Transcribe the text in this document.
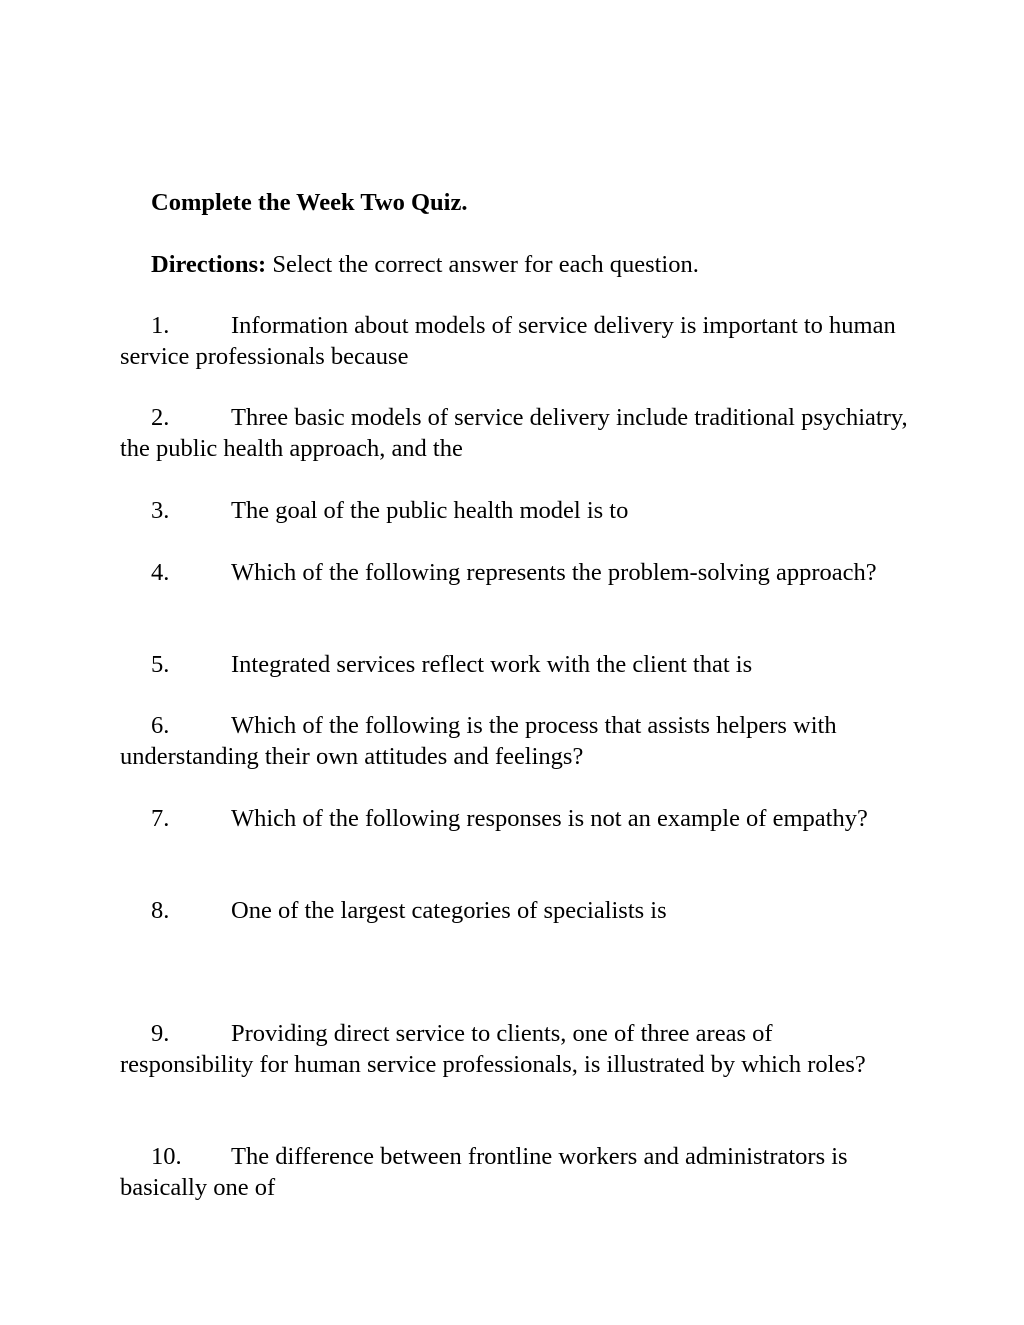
Complete the Week Two Quiz.
Directions: Select the correct answer for each question.
1.	Information about models of service delivery is important to human service professionals because
2.	Three basic models of service delivery include traditional psychiatry, the public health approach, and the
3.	The goal of the public health model is to
4.	Which of the following represents the problem-solving approach?
5.	Integrated services reflect work with the client that is
6.	Which of the following is the process that assists helpers with understanding their own attitudes and feelings?
7.	Which of the following responses is not an example of empathy?
8.	One of the largest categories of specialists is
9.	Providing direct service to clients, one of three areas of responsibility for human service professionals, is illustrated by which roles?
10. The difference between frontline workers and administrators is basically one of
